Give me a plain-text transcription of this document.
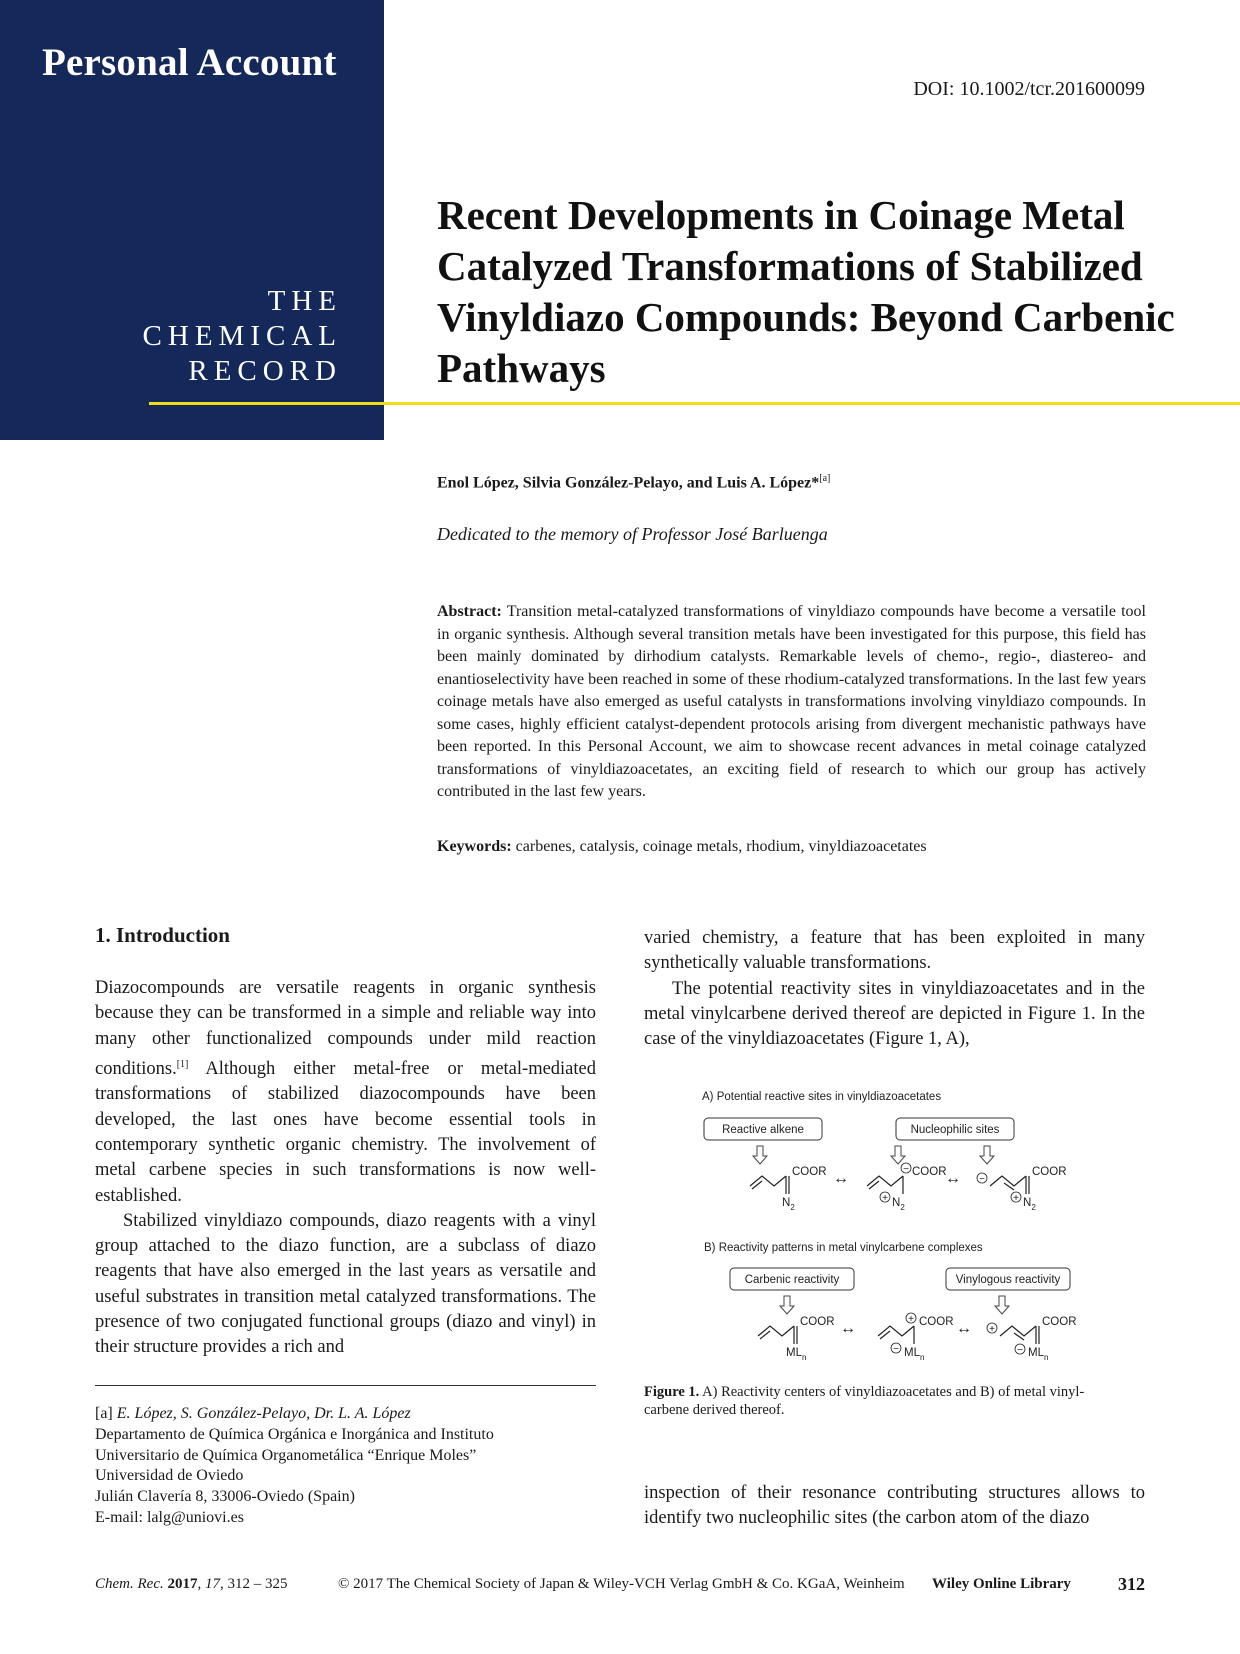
Personal Account
THE
CHEMICAL
RECORD
DOI: 10.1002/tcr.201600099
Recent Developments in Coinage Metal Catalyzed Transformations of Stabilized Vinyldiazo Compounds: Beyond Carbenic Pathways
Enol López, Silvia González-Pelayo, and Luis A. López*[a]
Dedicated to the memory of Professor José Barluenga

Abstract: Transition metal-catalyzed transformations of vinyldiazo compounds have become a versatile tool in organic synthesis. Although several transition metals have been investigated for this purpose, this field has been mainly dominated by dirhodium catalysts. Remarkable levels of chemo-, regio-, diastereo- and enantioselectivity have been reached in some of these rhodium-catalyzed transformations. In the last few years coinage metals have also emerged as useful catalysts in transformations involving vinyldiazo compounds. In some cases, highly efficient catalyst-dependent protocols arising from divergent mechanistic pathways have been reported. In this Personal Account, we aim to showcase recent advances in metal coinage catalyzed transformations of vinyldiazoacetates, an exciting field of research to which our group has actively contributed in the last few years.

Keywords: carbenes, catalysis, coinage metals, rhodium, vinyldiazoacetates
1. Introduction

Diazocompounds are versatile reagents in organic synthesis because they can be transformed in a simple and reliable way into many other functionalized compounds under mild reaction conditions.[1] Although either metal-free or metal-mediated transformations of stabilized diazocompounds have been developed, the last ones have become essential tools in contemporary synthetic organic chemistry. The involvement of metal carbene species in such transformations is now well-established.

Stabilized vinyldiazo compounds, diazo reagents with a vinyl group attached to the diazo function, are a subclass of diazo reagents that have also emerged in the last years as versatile and useful substrates in transition metal catalyzed transformations. The presence of two conjugated functional groups (diazo and vinyl) in their structure provides a rich and

varied chemistry, a feature that has been exploited in many synthetically valuable transformations.

The potential reactivity sites in vinyldiazoacetates and in the metal vinylcarbene derived thereof are depicted in Figure 1. In the case of the vinyldiazoacetates (Figure 1, A),

A) Potential reactive sites in vinyldiazoacetates
Reactive alkene	Nucleophilic sites
COOR
$N_2$
↔
−
+
COOR
$N_2$
↔ −
+
COOR
$N_2$
B) Reactivity patterns in metal vinylcarbene complexes
Carbenic reactivity	Vinylogous reactivity
COOR
$ML_n$
↔
+
−
COOR
$ML_n$
↔ +
−
COOR
$ML_n$
Figure 1. A) Reactivity centers of vinyldiazoacetates and B) of metal vinyl-carbene derived thereof.

inspection of their resonance contributing structures allows to identify two nucleophilic sites (the carbon atom of the diazo

[a] E. López, S. González-Pelayo, Dr. L. A. López
Departamento de Química Orgánica e Inorgánica and Instituto
Universitario de Química Organometálica “Enrique Moles”
Universidad de Oviedo
Julián Clavería 8, 33006-Oviedo (Spain)
E-mail: lalg@uniovi.es
Chem. Rec. 2017, 17, 312 – 325	© 2017 The Chemical Society of Japan & Wiley-VCH Verlag GmbH & Co. KGaA, Weinheim Wiley Online Library	312
